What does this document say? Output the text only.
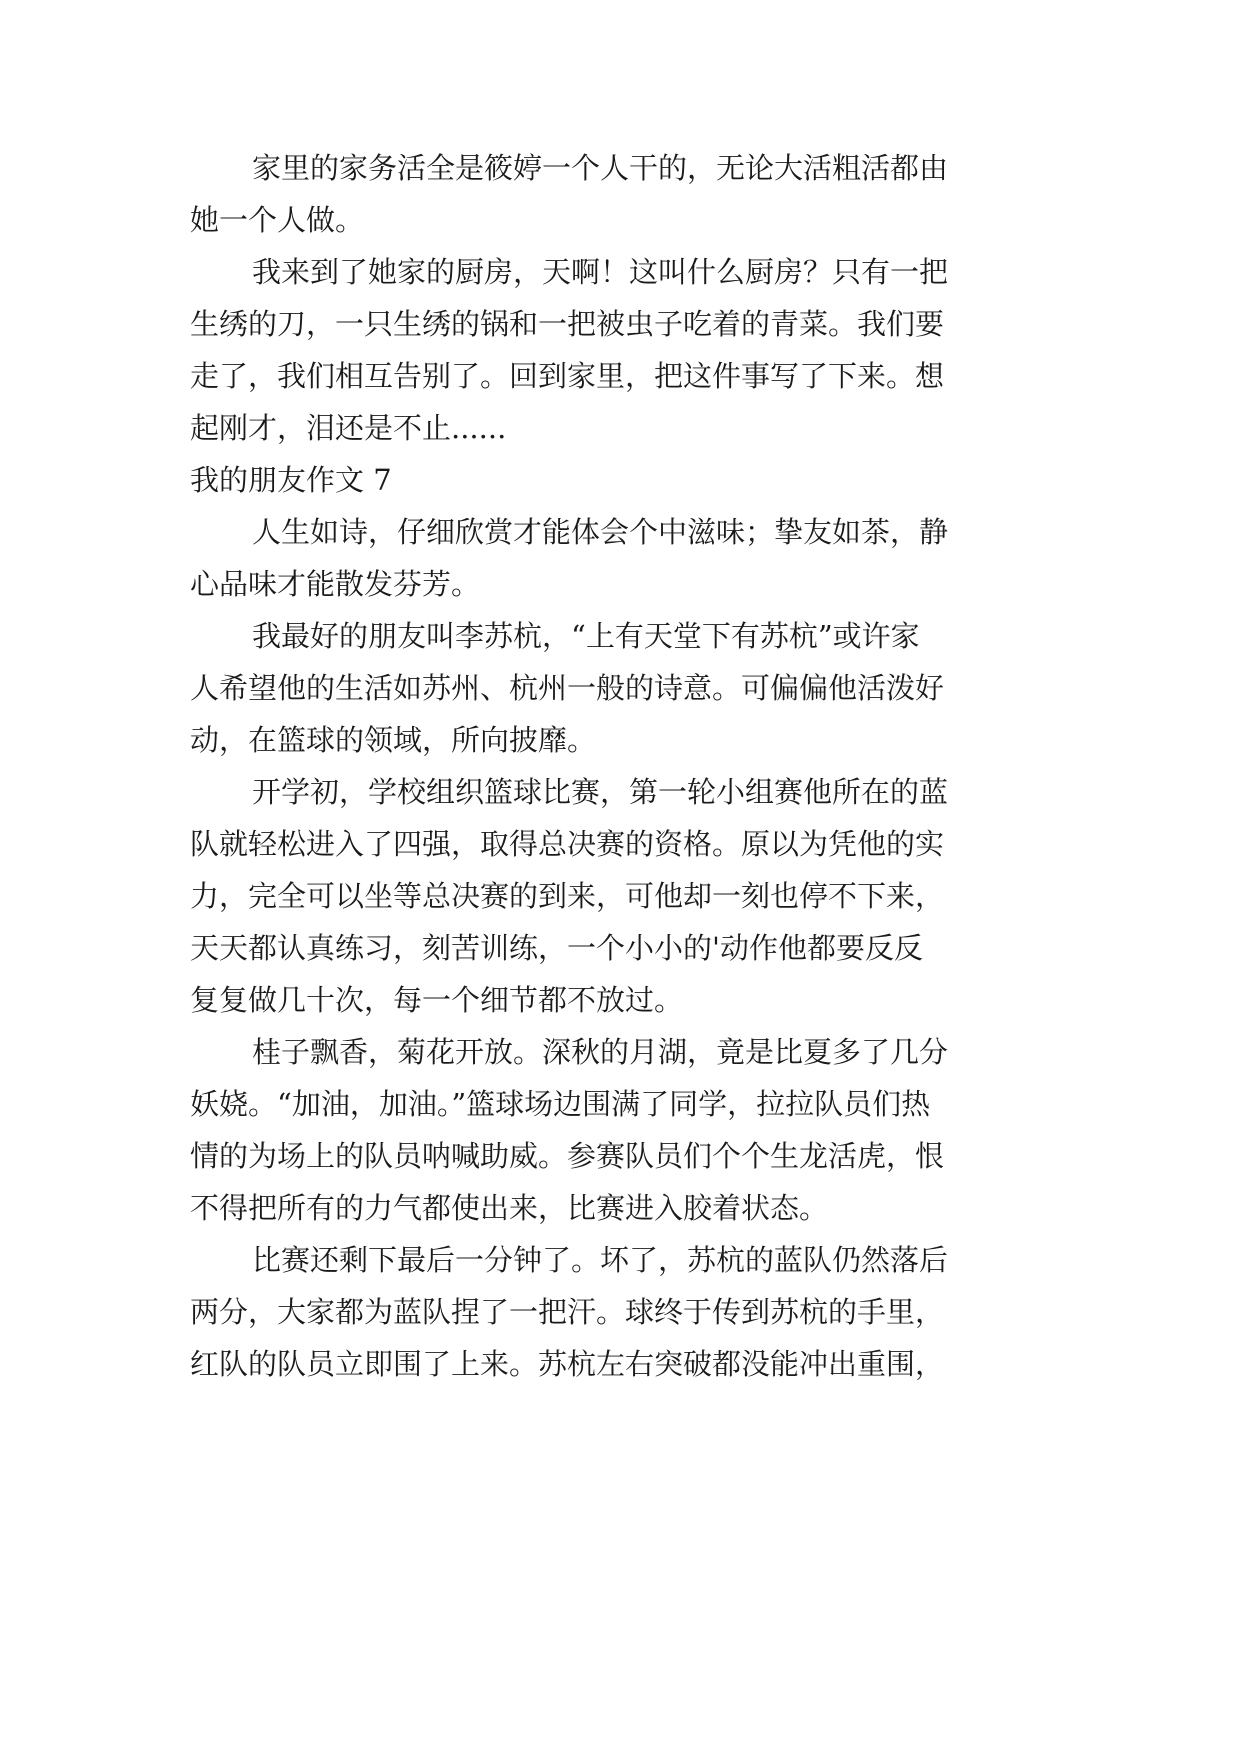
家里的家务活全是筱婷一个人干的，无论大活粗活都由

她一个人做。

我来到了她家的厨房，天啊！这叫什么厨房？只有一把

生绣的刀，一只生绣的锅和一把被虫子吃着的青菜。我们要

走了，我们相互告别了。回到家里，把这件事写了下来。想

起刚才，泪还是不止......

我的朋友作文 7

人生如诗，仔细欣赏才能体会个中滋味；挚友如茶，静

心品味才能散发芬芳。

我最好的朋友叫李苏杭，“上有天堂下有苏杭”或许家

人希望他的生活如苏州、杭州一般的诗意。可偏偏他活泼好

动，在篮球的领域，所向披靡。

开学初，学校组织篮球比赛，第一轮小组赛他所在的蓝

队就轻松进入了四强，取得总决赛的资格。原以为凭他的实

力，完全可以坐等总决赛的到来，可他却一刻也停不下来，

天天都认真练习，刻苦训练，一个小小的'动作他都要反反

复复做几十次，每一个细节都不放过。

桂子飘香，菊花开放。深秋的月湖，竟是比夏多了几分

妖娆。“加油，加油。”篮球场边围满了同学，拉拉队员们热

情的为场上的队员呐喊助威。参赛队员们个个生龙活虎，恨

不得把所有的力气都使出来，比赛进入胶着状态。

比赛还剩下最后一分钟了。坏了，苏杭的蓝队仍然落后

两分，大家都为蓝队捏了一把汗。球终于传到苏杭的手里，

红队的队员立即围了上来。苏杭左右突破都没能冲出重围，
